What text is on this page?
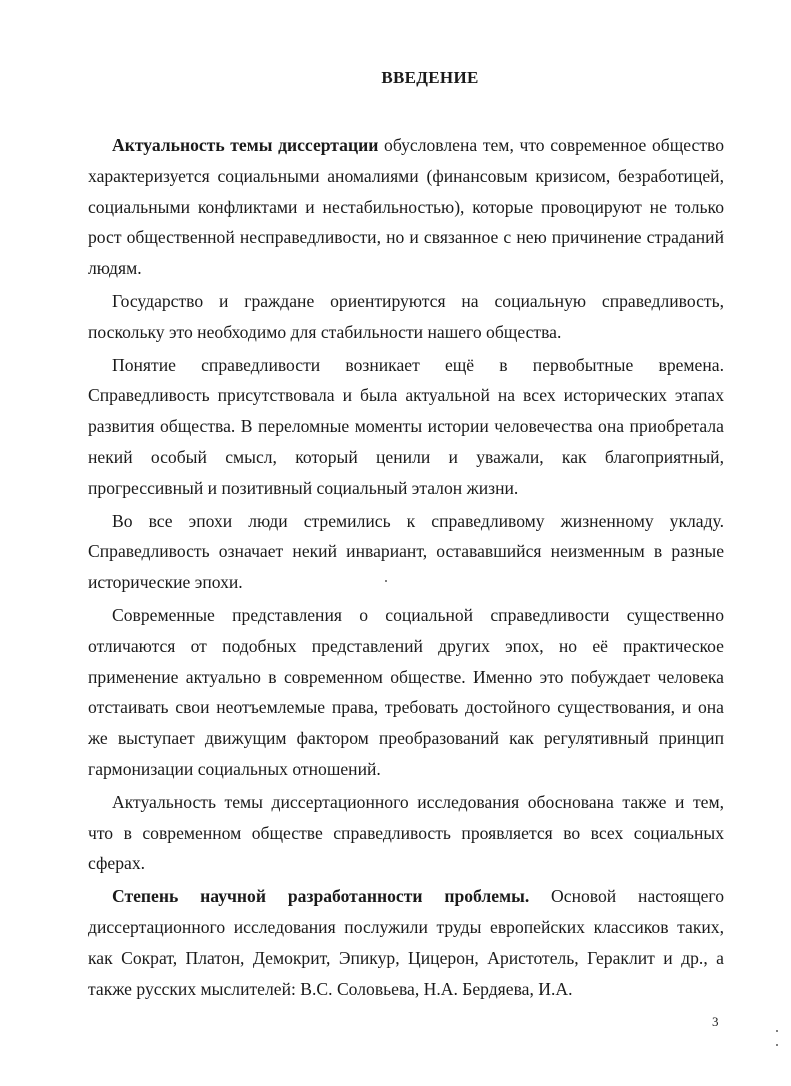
ВВЕДЕНИЕ

Актуальность темы диссертации обусловлена тем, что современное общество характеризуется социальными аномалиями (финансовым кризисом, безработицей, социальными конфликтами и нестабильностью), которые провоцируют не только рост общественной несправедливости, но и связанное с нею причинение страданий людям.

Государство и граждане ориентируются на социальную справедливость, поскольку это необходимо для стабильности нашего общества.

Понятие справедливости возникает ещё в первобытные времена. Справедливость присутствовала и была актуальной на всех исторических этапах развития общества. В переломные моменты истории человечества она приобретала некий особый смысл, который ценили и уважали, как благоприятный, прогрессивный и позитивный социальный эталон жизни.

Во все эпохи люди стремились к справедливому жизненному укладу. Справедливость означает некий инвариант, остававшийся неизменным в разные исторические эпохи.

Современные представления о социальной справедливости существенно отличаются от подобных представлений других эпох, но её практическое применение актуально в современном обществе. Именно это побуждает человека отстаивать свои неотъемлемые права, требовать достойного существования, и она же выступает движущим фактором преобразований как регулятивный принцип гармонизации социальных отношений.

Актуальность темы диссертационного исследования обоснована также и тем, что в современном обществе справедливость проявляется во всех социальных сферах.

Степень научной разработанности проблемы. Основой настоящего диссертационного исследования послужили труды европейских классиков таких, как Сократ, Платон, Демокрит, Эпикур, Цицерон, Аристотель, Гераклит и др., а также русских мыслителей: В.С. Соловьева, Н.А. Бердяева, И.А.

3
